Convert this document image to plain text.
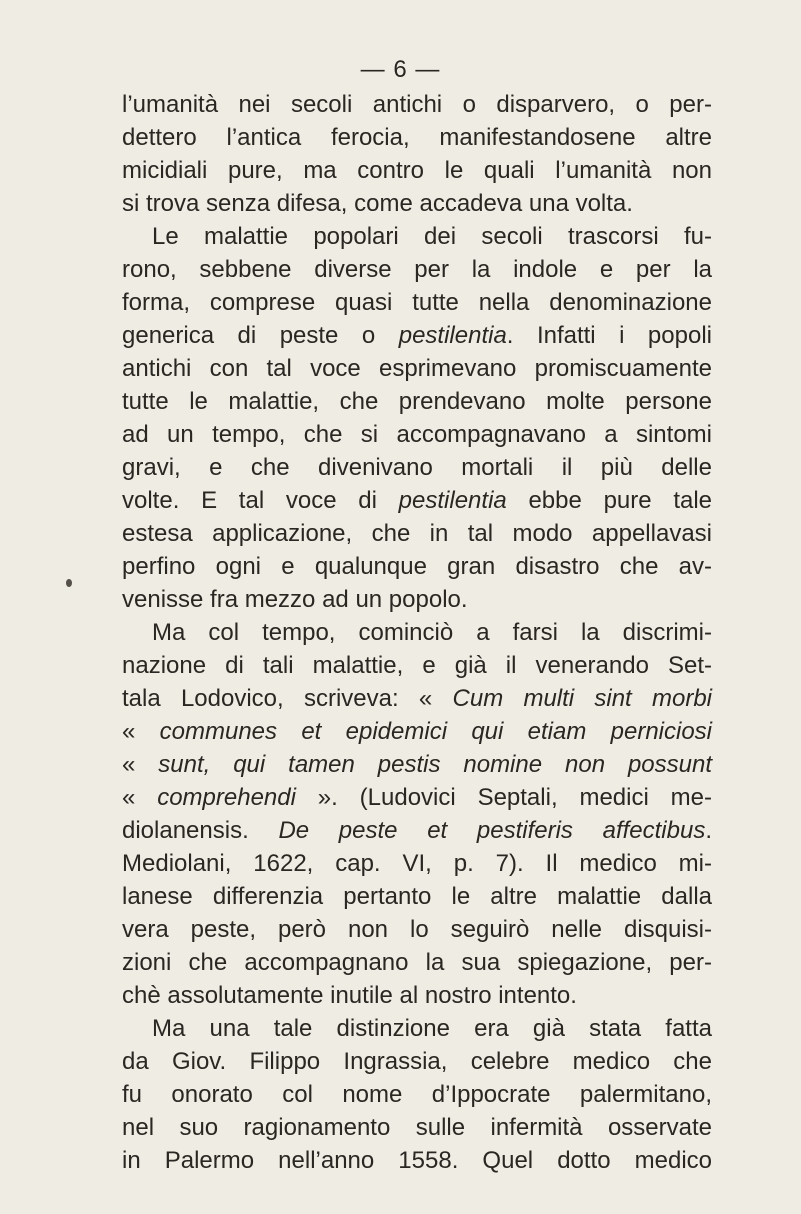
— 6 —
l’umanità nei secoli antichi o disparvero, o per-
dettero l’antica ferocia, manifestandosene altre
micidiali pure, ma contro le quali l’umanità non
si trova senza difesa, come accadeva una volta.
Le malattie popolari dei secoli trascorsi fu-
rono, sebbene diverse per la indole e per la
forma, comprese quasi tutte nella denominazione
generica di peste o pestilentia. Infatti i popoli
antichi con tal voce esprimevano promiscuamente
tutte le malattie, che prendevano molte persone
ad un tempo, che si accompagnavano a sintomi
gravi, e che divenivano mortali il più delle
volte. E tal voce di pestilentia ebbe pure tale
estesa applicazione, che in tal modo appellavasi
perfino ogni e qualunque gran disastro che av-
venisse fra mezzo ad un popolo.
Ma col tempo, cominciò a farsi la discrimi-
nazione di tali malattie, e già il venerando Set-
tala Lodovico, scriveva: « Cum multi sint morbi
« communes et epidemici qui etiam perniciosi
« sunt, qui tamen pestis nomine non possunt
« comprehendi ». (Ludovici Septali, medici me-
diolanensis. De peste et pestiferis affectibus.
Mediolani, 1622, cap. VI, p. 7). Il medico mi-
lanese differenzia pertanto le altre malattie dalla
vera peste, però non lo seguirò nelle disquisi-
zioni che accompagnano la sua spiegazione, per-
chè assolutamente inutile al nostro intento.
Ma una tale distinzione era già stata fatta
da Giov. Filippo Ingrassia, celebre medico che
fu onorato col nome d’Ippocrate palermitano,
nel suo ragionamento sulle infermità osservate
in Palermo nell’anno 1558. Quel dotto medico
